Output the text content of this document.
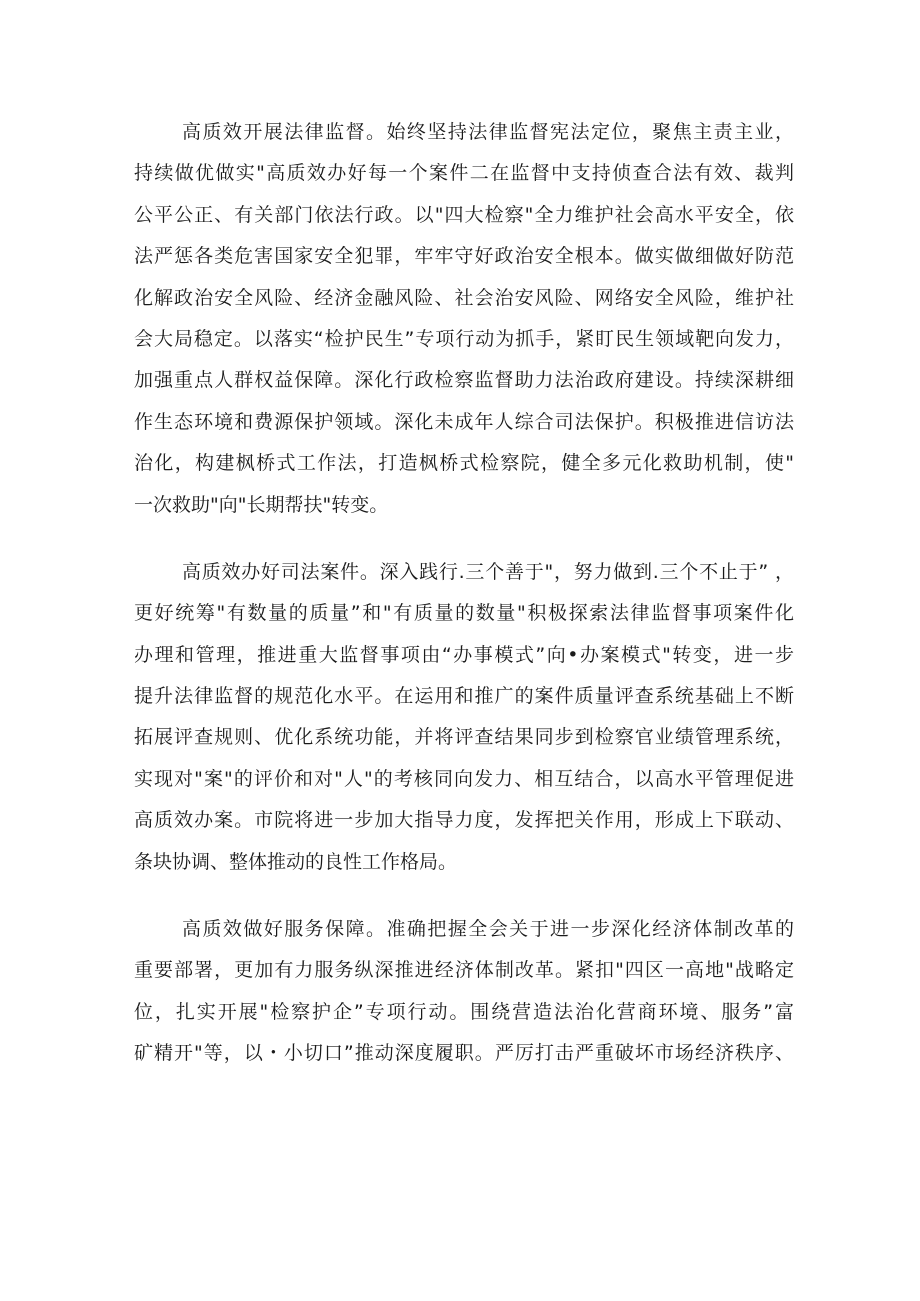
高质效开展法律监督。始终坚持法律监督宪法定位，聚焦主责主业，
持续做优做实"高质效办好每一个案件二在监督中支持侦查合法有效、裁判
公平公正、有关部门依法行政。以"四大检察"全力维护社会高水平安全，依
法严惩各类危害国家安全犯罪，牢牢守好政治安全根本。做实做细做好防范
化解政治安全风险、经济金融风险、社会治安风险、网络安全风险，维护社
会大局稳定。以落实“检护民生”专项行动为抓手，紧盯民生领域靶向发力，
加强重点人群权益保障。深化行政检察监督助力法治政府建设。持续深耕细
作生态环境和费源保护领域。深化未成年人综合司法保护。积极推进信访法
治化，构建枫桥式工作法，打造枫桥式检察院，健全多元化救助机制，使"
一次救助"向"长期帮扶"转变。
高质效办好司法案件。深入践行.三个善于"，努力做到.三个不止于” ，
更好统筹"有数量的质量”和"有质量的数量"积极探索法律监督事项案件化
办理和管理，推进重大监督事项由“办事模式”向•办案模式"转变，进一步
提升法律监督的规范化水平。在运用和推广的案件质量评查系统基础上不断
拓展评查规则、优化系统功能，并将评查结果同步到检察官业绩管理系统，
实现对"案"的评价和对"人"的考核同向发力、相互结合，以高水平管理促进
高质效办案。市院将进一步加大指导力度，发挥把关作用，形成上下联动、
条块协调、整体推动的良性工作格局。
高质效做好服务保障。准确把握全会关于进一步深化经济体制改革的
重要部署，更加有力服务纵深推进经济体制改革。紧扣"四区一高地"战略定
位，扎实开展"检察护企”专项行动。围绕营造法治化营商环境、服务”富
矿精开"等，以・小切口”推动深度履职。严厉打击严重破坏市场经济秩序、
